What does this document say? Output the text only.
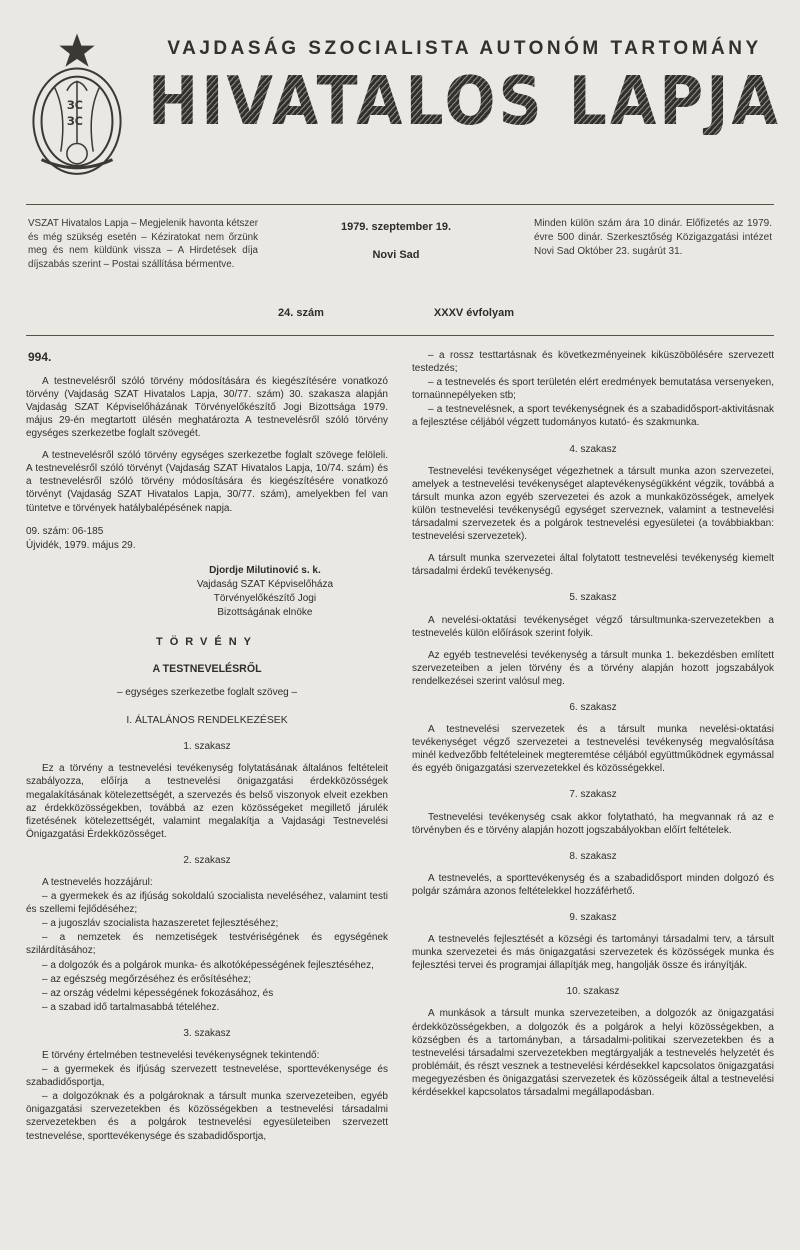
ЗС
ЗС
VAJDASÁG SZOCIALISTA AUTONÓM TARTOMÁNY
HIVATALOS LAPJA
VSZAT Hivatalos Lapja – Megjelenik havonta kétszer és még szükség esetén – Kéziratokat nem őrzünk meg és nem küldünk vissza – A Hirdetések díja díjszabás szerint – Postai szállítása bérmentve.
1979. szeptember 19.
Novi Sad
24. szám	XXXV évfolyam
Minden külön szám ára 10 dinár. Előfizetés az 1979. évre 500 dinár. Szerkesztőség Közigazgatási intézet Novi Sad Október 23. sugárút 31.
994.
A testnevelésről szóló törvény módosítására és kiegészítésére vonatkozó törvény (Vajdaság SZAT Hivatalos Lapja, 30/77. szám) 30. szakasza alapján Vajdaság SZAT Képviselőházának Törvényelőkészítő Jogi Bizottsága 1979. május 29-én megtartott ülésén meghatározta A testnevelésről szóló törvény egységes szerkezetbe foglalt szövegét.
A testnevelésről szóló törvény egységes szerkezetbe foglalt szövege felöleli. A testnevelésről szóló törvényt (Vajdaság SZAT Hivatalos Lapja, 10/74. szám) és a testnevelésről szóló törvény módosítására és kiegészítésére vonatkozó törvényt (Vajdaság SZAT Hivatalos Lapja, 30/77. szám), amelyekben fel van tüntetve e törvények hatálybalépésének napja.
09. szám: 06-185
Újvidék, 1979. május 29.
Djordje Milutinović s. k.
Vajdaság SZAT Képviselőháza
Törvényelőkészítő Jogi
Bizottságának elnöke
TÖRVÉNY
A TESTNEVELÉSRŐL
– egységes szerkezetbe foglalt szöveg –
I. ÁLTALÁNOS RENDELKEZÉSEK
1. szakasz
Ez a törvény a testnevelési tevékenység folytatásának általános feltételeit szabályozza, előírja a testnevelési önigazgatási érdekközösségek megalakításának kötelezettségét, a szervezés és belső viszonyok elveit ezekben az érdekközösségekben, továbbá az ezen közösségeket megillető járulék fizetésének kötelezettségét, valamint megalakítja a Vajdasági Testnevelési Önigazgatási Érdekközösséget.
2. szakasz
A testnevelés hozzájárul:
– a gyermekek és az ifjúság sokoldalú szocialista neveléséhez, valamint testi és szellemi fejlődéséhez;
– a jugoszláv szocialista hazaszeretet fejlesztéséhez;
– a nemzetek és nemzetiségek testvériségének és egységének szilárdításához;
– a dolgozók és a polgárok munka- és alkotóképességének fejlesztéséhez,
– az egészség megőrzéséhez és erősítéséhez;
– az ország védelmi képességének fokozásához, és
– a szabad idő tartalmasabbá tételéhez.
3. szakasz
E törvény értelmében testnevelési tevékenységnek tekintendő:
– a gyermekek és ifjúság szervezett testnevelése, sporttevékenysége és szabadidősportja,
– a dolgozóknak és a polgároknak a társult munka szervezeteiben, egyéb önigazgatási szervezetekben és közösségekben a testnevelési társadalmi szervezetekben és a polgárok testnevelési egyesületeiben szervezett testnevelése, sporttevékenysége és szabadidősportja,
– a rossz testtartásnak és következményeinek kiküszöbölésére szervezett testedzés;
– a testnevelés és sport területén elért eredmények bemutatása versenyeken, tornaünnepélyeken stb;
– a testnevelésnek, a sport tevékenységnek és a szabadidősport-aktivitásnak a fejlesztése céljából végzett tudományos kutató- és szakmunka.
4. szakasz
Testnevelési tevékenységet végezhetnek a társult munka azon szervezetei, amelyek a testnevelési tevékenységet alaptevékenységükként végzik, továbbá a társult munka azon egyéb szervezetei és azok a munkaközösségek, amelyek külön testnevelési tevékenységű egységet szerveznek, valamint a testnevelési társadalmi szervezetek és a polgárok testnevelési egyesületei (a továbbiakban: testnevelési szervezetek).
A társult munka szervezetei által folytatott testnevelési tevékenység kiemelt társadalmi érdekű tevékenység.
5. szakasz
A nevelési-oktatási tevékenységet végző társultmunka-szervezetekben a testnevelés külön előírások szerint folyik.
Az egyéb testnevelési tevékenység a társult munka 1. bekezdésben említett szervezeteiben a jelen törvény és a törvény alapján hozott jogszabályok rendelkezései szerint valósul meg.
6. szakasz
A testnevelési szervezetek és a társult munka nevelési-oktatási tevékenységet végző szervezetei a testnevelési tevékenység megvalósítása minél kedvezőbb feltételeinek megteremtése céljából együttműködnek egymással és egyéb önigazgatási szervezetekkel és közösségekkel.
7. szakasz
Testnevelési tevékenység csak akkor folytatható, ha megvannak rá az e törvényben és e törvény alapján hozott jogszabályokban előírt feltételek.
8. szakasz
A testnevelés, a sporttevékenység és a szabadidősport minden dolgozó és polgár számára azonos feltételekkel hozzáférhető.
9. szakasz
A testnevelés fejlesztését a községi és tartományi társadalmi terv, a társult munka szervezetei és más önigazgatási szervezetek és közösségek munka és fejlesztési tervei és programjai állapítják meg, hangolják össze és irányítják.
10. szakasz
A munkások a társult munka szervezeteiben, a dolgozók az önigazgatási érdekközösségekben, a dolgozók és a polgárok a helyi közösségekben, a községben és a tartományban, a társadalmi-politikai szervezetekben és a testnevelési társadalmi szervezetekben megtárgyalják a testnevelés helyzetét és problémáit, és részt vesznek a testnevelési kérdésekkel kapcsolatos önigazgatási megegyezésben és önigazgatási szervezetek és közösségeik által a testnevelési kérdésekkel kapcsolatos társadalmi megállapodásban.
